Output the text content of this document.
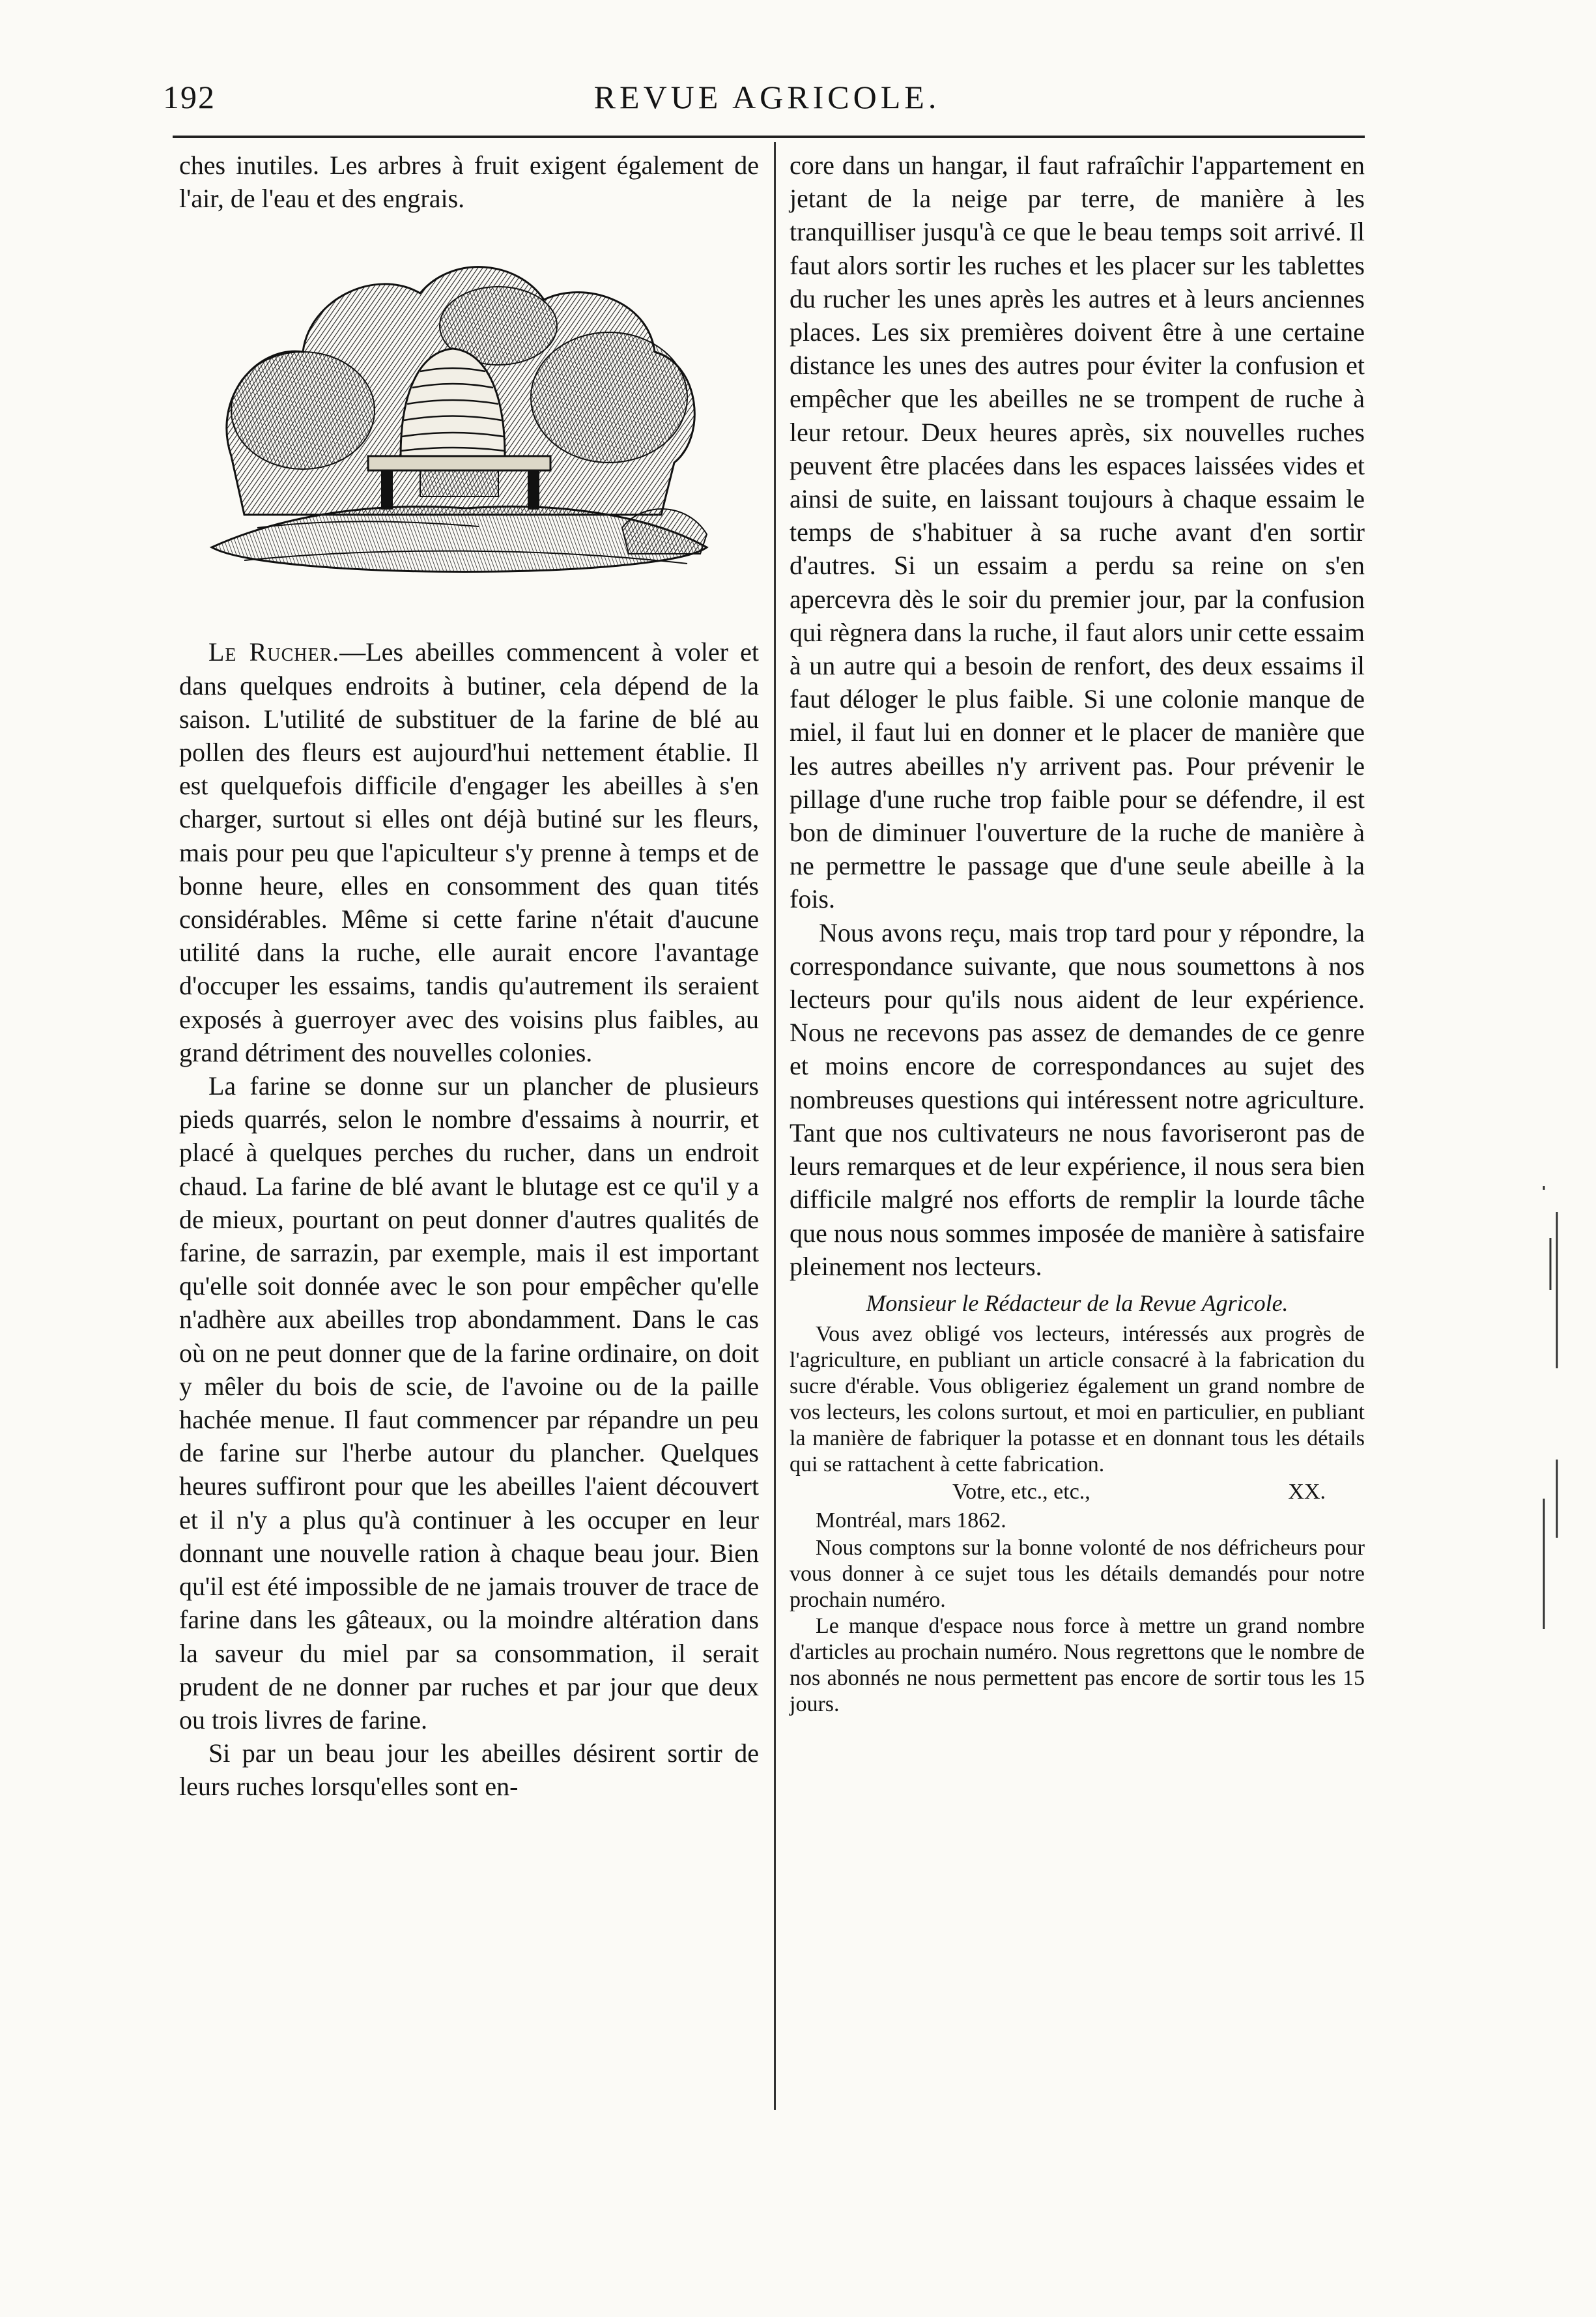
192	REVUE AGRICOLE.

ches inutiles. Les arbres à fruit exigent également de l'air, de l'eau et des engrais.

Le Rucher.—Les abeilles commencent à voler et dans quelques endroits à butiner, cela dépend de la saison. L'utilité de substituer de la farine de blé au pollen des fleurs est aujourd'hui nettement établie. Il est quelquefois difficile d'engager les abeilles à s'en charger, surtout si elles ont déjà butiné sur les fleurs, mais pour peu que l'apiculteur s'y prenne à temps et de bonne heure, elles en consomment des quan tités considérables. Même si cette farine n'était d'aucune utilité dans la ruche, elle aurait encore l'avantage d'occuper les essaims, tandis qu'autrement ils seraient exposés à guerroyer avec des voisins plus faibles, au grand détriment des nouvelles colonies.

La farine se donne sur un plancher de plusieurs pieds quarrés, selon le nombre d'essaims à nourrir, et placé à quelques perches du rucher, dans un endroit chaud. La farine de blé avant le blutage est ce qu'il y a de mieux, pourtant on peut donner d'autres qualités de farine, de sarrazin, par exemple, mais il est important qu'elle soit donnée avec le son pour empêcher qu'elle n'adhère aux abeilles trop abondamment. Dans le cas où on ne peut donner que de la farine ordinaire, on doit y mêler du bois de scie, de l'avoine ou de la paille hachée menue. Il faut commencer par répandre un peu de farine sur l'herbe autour du plancher. Quelques heures suffiront pour que les abeilles l'aient découvert et il n'y a plus qu'à continuer à les occuper en leur donnant une nouvelle ration à chaque beau jour. Bien qu'il est été impossible de ne jamais trouver de trace de farine dans les gâteaux, ou la moindre altération dans la saveur du miel par sa consommation, il serait prudent de ne donner par ruches et par jour que deux ou trois livres de farine.

Si par un beau jour les abeilles désirent sortir de leurs ruches lorsqu'elles sont en-

core dans un hangar, il faut rafraîchir l'appartement en jetant de la neige par terre, de manière à les tranquilliser jusqu'à ce que le beau temps soit arrivé. Il faut alors sortir les ruches et les placer sur les tablettes du rucher les unes après les autres et à leurs anciennes places. Les six premières doivent être à une certaine distance les unes des autres pour éviter la confusion et empêcher que les abeilles ne se trompent de ruche à leur retour. Deux heures après, six nouvelles ruches peuvent être placées dans les espaces laissées vides et ainsi de suite, en laissant toujours à chaque essaim le temps de s'habituer à sa ruche avant d'en sortir d'autres. Si un essaim a perdu sa reine on s'en apercevra dès le soir du premier jour, par la confusion qui règnera dans la ruche, il faut alors unir cette essaim à un autre qui a besoin de renfort, des deux essaims il faut déloger le plus faible. Si une colonie manque de miel, il faut lui en donner et le placer de manière que les autres abeilles n'y arrivent pas. Pour prévenir le pillage d'une ruche trop faible pour se défendre, il est bon de diminuer l'ouverture de la ruche de manière à ne permettre le passage que d'une seule abeille à la fois.

Nous avons reçu, mais trop tard pour y répondre, la correspondance suivante, que nous soumettons à nos lecteurs pour qu'ils nous aident de leur expérience. Nous ne recevons pas assez de demandes de ce genre et moins encore de correspondances au sujet des nombreuses questions qui intéressent notre agriculture. Tant que nos cultivateurs ne nous favoriseront pas de leurs remarques et de leur expérience, il nous sera bien difficile malgré nos efforts de remplir la lourde tâche que nous nous sommes imposée de manière à satisfaire pleinement nos lecteurs.

Monsieur le Rédacteur de la Revue Agricole.

Vous avez obligé vos lecteurs, intéressés aux progrès de l'agriculture, en publiant un article consacré à la fabrication du sucre d'érable. Vous obligeriez également un grand nombre de vos lecteurs, les colons surtout, et moi en particulier, en publiant la manière de fabriquer la potasse et en donnant tous les détails qui se rattachent à cette fabrication.

Votre, etc., etc.,	XX.
Montréal, mars 1862.

Nous comptons sur la bonne volonté de nos défricheurs pour vous donner à ce sujet tous les détails demandés pour notre prochain numéro.

Le manque d'espace nous force à mettre un grand nombre d'articles au prochain numéro. Nous regrettons que le nombre de nos abonnés ne nous permettent pas encore de sortir tous les 15 jours.
